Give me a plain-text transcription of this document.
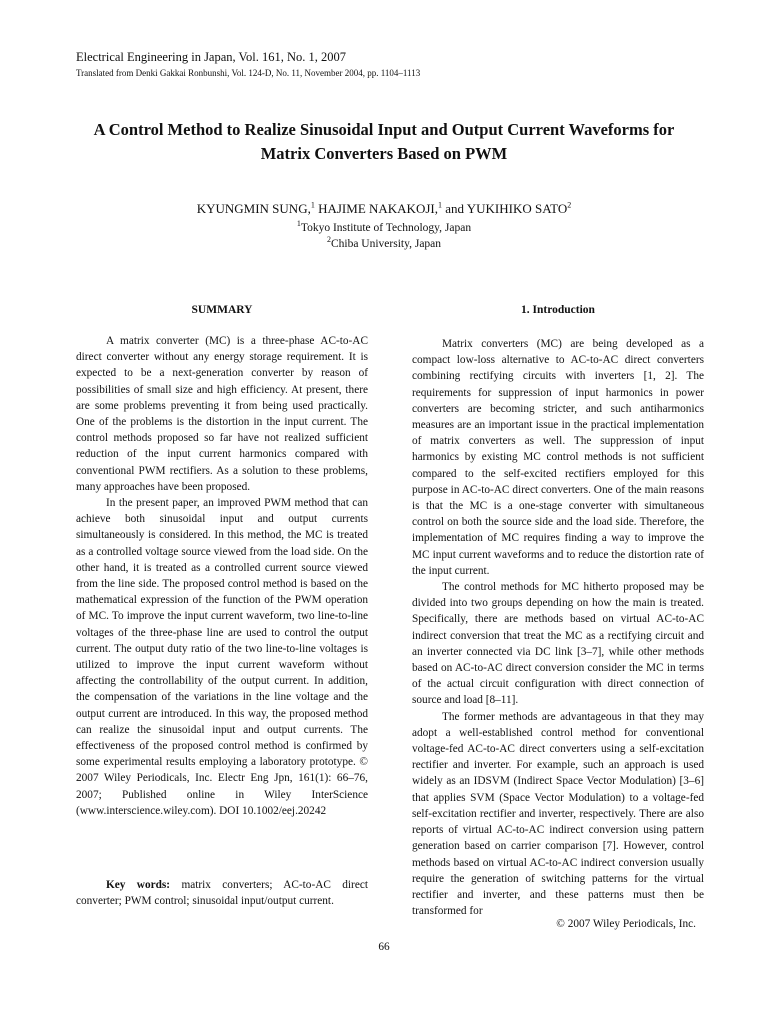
Electrical Engineering in Japan, Vol. 161, No. 1, 2007
Translated from Denki Gakkai Ronbunshi, Vol. 124-D, No. 11, November 2004, pp. 1104–1113
A Control Method to Realize Sinusoidal Input and Output Current Waveforms for
Matrix Converters Based on PWM
KYUNGMIN SUNG,$^1$ HAJIME NAKAKOJI,$^1$ and YUKIHIKO SATO$^2$
$^1$Tokyo Institute of Technology, Japan
$^2$Chiba University, Japan
SUMMARY	1. Introduction

A matrix converter (MC) is a three-phase AC-to-AC direct converter without any energy storage requirement. It is expected to be a next-generation converter by reason of possibilities of small size and high efficiency. At present, there are some problems preventing it from being used practically. One of the problems is the distortion in the input current. The control methods proposed so far have not realized sufficient reduction of the input current harmonics compared with conventional PWM rectifiers. As a solution to these problems, many approaches have been proposed.

In the present paper, an improved PWM method that can achieve both sinusoidal input and output currents simultaneously is considered. In this method, the MC is treated as a controlled voltage source viewed from the load side. On the other hand, it is treated as a controlled current source viewed from the line side. The proposed control method is based on the mathematical expression of the function of the PWM operation of MC. To improve the input current waveform, two line-to-line voltages of the three-phase line are used to control the output current. The output duty ratio of the two line-to-line voltages is utilized to improve the input current waveform without affecting the controllability of the output current. In addition, the compensation of the variations in the line voltage and the output current are introduced. In this way, the proposed method can realize the sinusoidal input and output currents. The effectiveness of the proposed control method is confirmed by some experimental results employing a laboratory prototype. © 2007 Wiley Periodicals, Inc. Electr Eng Jpn, 161(1): 66–76, 2007; Published online in Wiley InterScience (www.interscience.wiley.com). DOI 10.1002/eej.20242

Key words: matrix converters; AC-to-AC direct converter; PWM control; sinusoidal input/output current.

Matrix converters (MC) are being developed as a compact low-loss alternative to AC-to-AC direct converters combining rectifying circuits with inverters [1, 2]. The requirements for suppression of input harmonics in power converters are becoming stricter, and such antiharmonics measures are an important issue in the practical implementation of matrix converters as well. The suppression of input harmonics by existing MC control methods is not sufficient compared to the self-excited rectifiers employed for this purpose in AC-to-AC direct converters. One of the main reasons is that the MC is a one-stage converter with simultaneous control on both the source side and the load side. Therefore, the implementation of MC requires finding a way to improve the MC input current waveforms and to reduce the distortion rate of the input current.

The control methods for MC hitherto proposed may be divided into two groups depending on how the main is treated. Specifically, there are methods based on virtual AC-to-AC indirect conversion that treat the MC as a rectifying circuit and an inverter connected via DC link [3–7], while other methods based on AC-to-AC direct conversion consider the MC in terms of the actual circuit configuration with direct connection of source and load [8–11].

The former methods are advantageous in that they may adopt a well-established control method for conventional voltage-fed AC-to-AC direct converters using a self-excitation rectifier and inverter. For example, such an approach is used widely as an IDSVM (Indirect Space Vector Modulation) [3–6] that applies SVM (Space Vector Modulation) to a voltage-fed self-excitation rectifier and inverter, respectively. There are also reports of virtual AC-to-AC indirect conversion using pattern generation based on carrier comparison [7]. However, control methods based on virtual AC-to-AC indirect conversion usually require the generation of switching patterns for the virtual rectifier and inverter, and these patterns must then be transformed for

© 2007 Wiley Periodicals, Inc.
66
